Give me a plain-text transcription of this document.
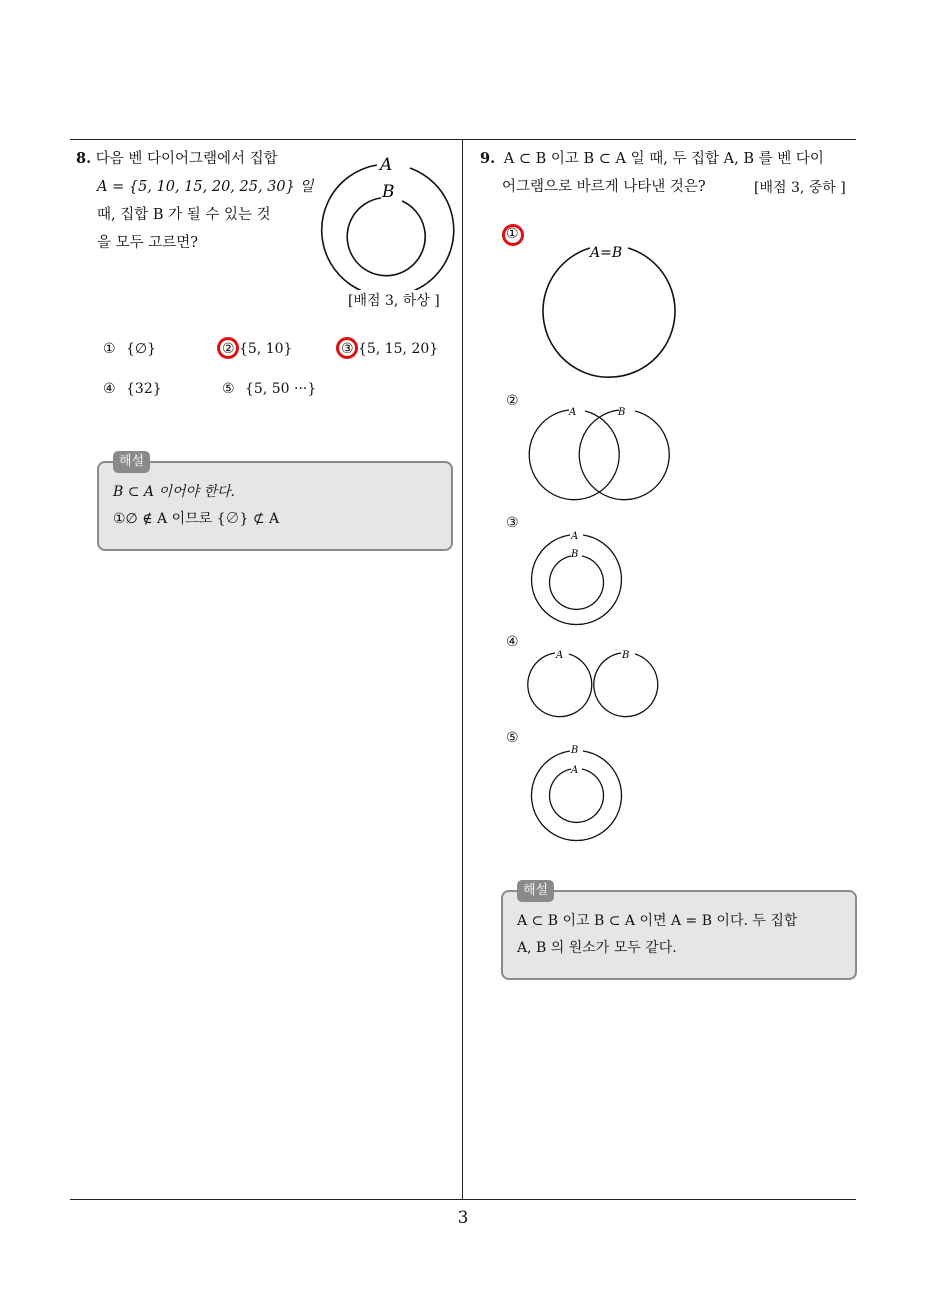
8. 다음 벤 다이어그램에서 집합
A = {5, 10, 15, 20, 25, 30} 일
때, 집합 B 가 될 수 있는 것
을 모두 고르면?
A
B
[배점 3, 하상 ]
① {∅}	② {5, 10}	③ {5, 15, 20}
④ {32}	⑤ {5, 50 ···}
B ⊂ A 이어야 한다.
①∅ ∉ A 이므로 {∅} ⊄ A
해설
9. A ⊂ B 이고 B ⊂ A 일 때, 두 집합 A, B 를 벤 다이
어그램으로 바르게 나타낸 것은?	[배점 3, 중하 ]
①
A=B
②
A	B
③
A
B
④
A	B
⑤
B
A
A ⊂ B 이고 B ⊂ A 이면 A = B 이다. 두 집합
A, B 의 원소가 모두 같다.
해설
3
